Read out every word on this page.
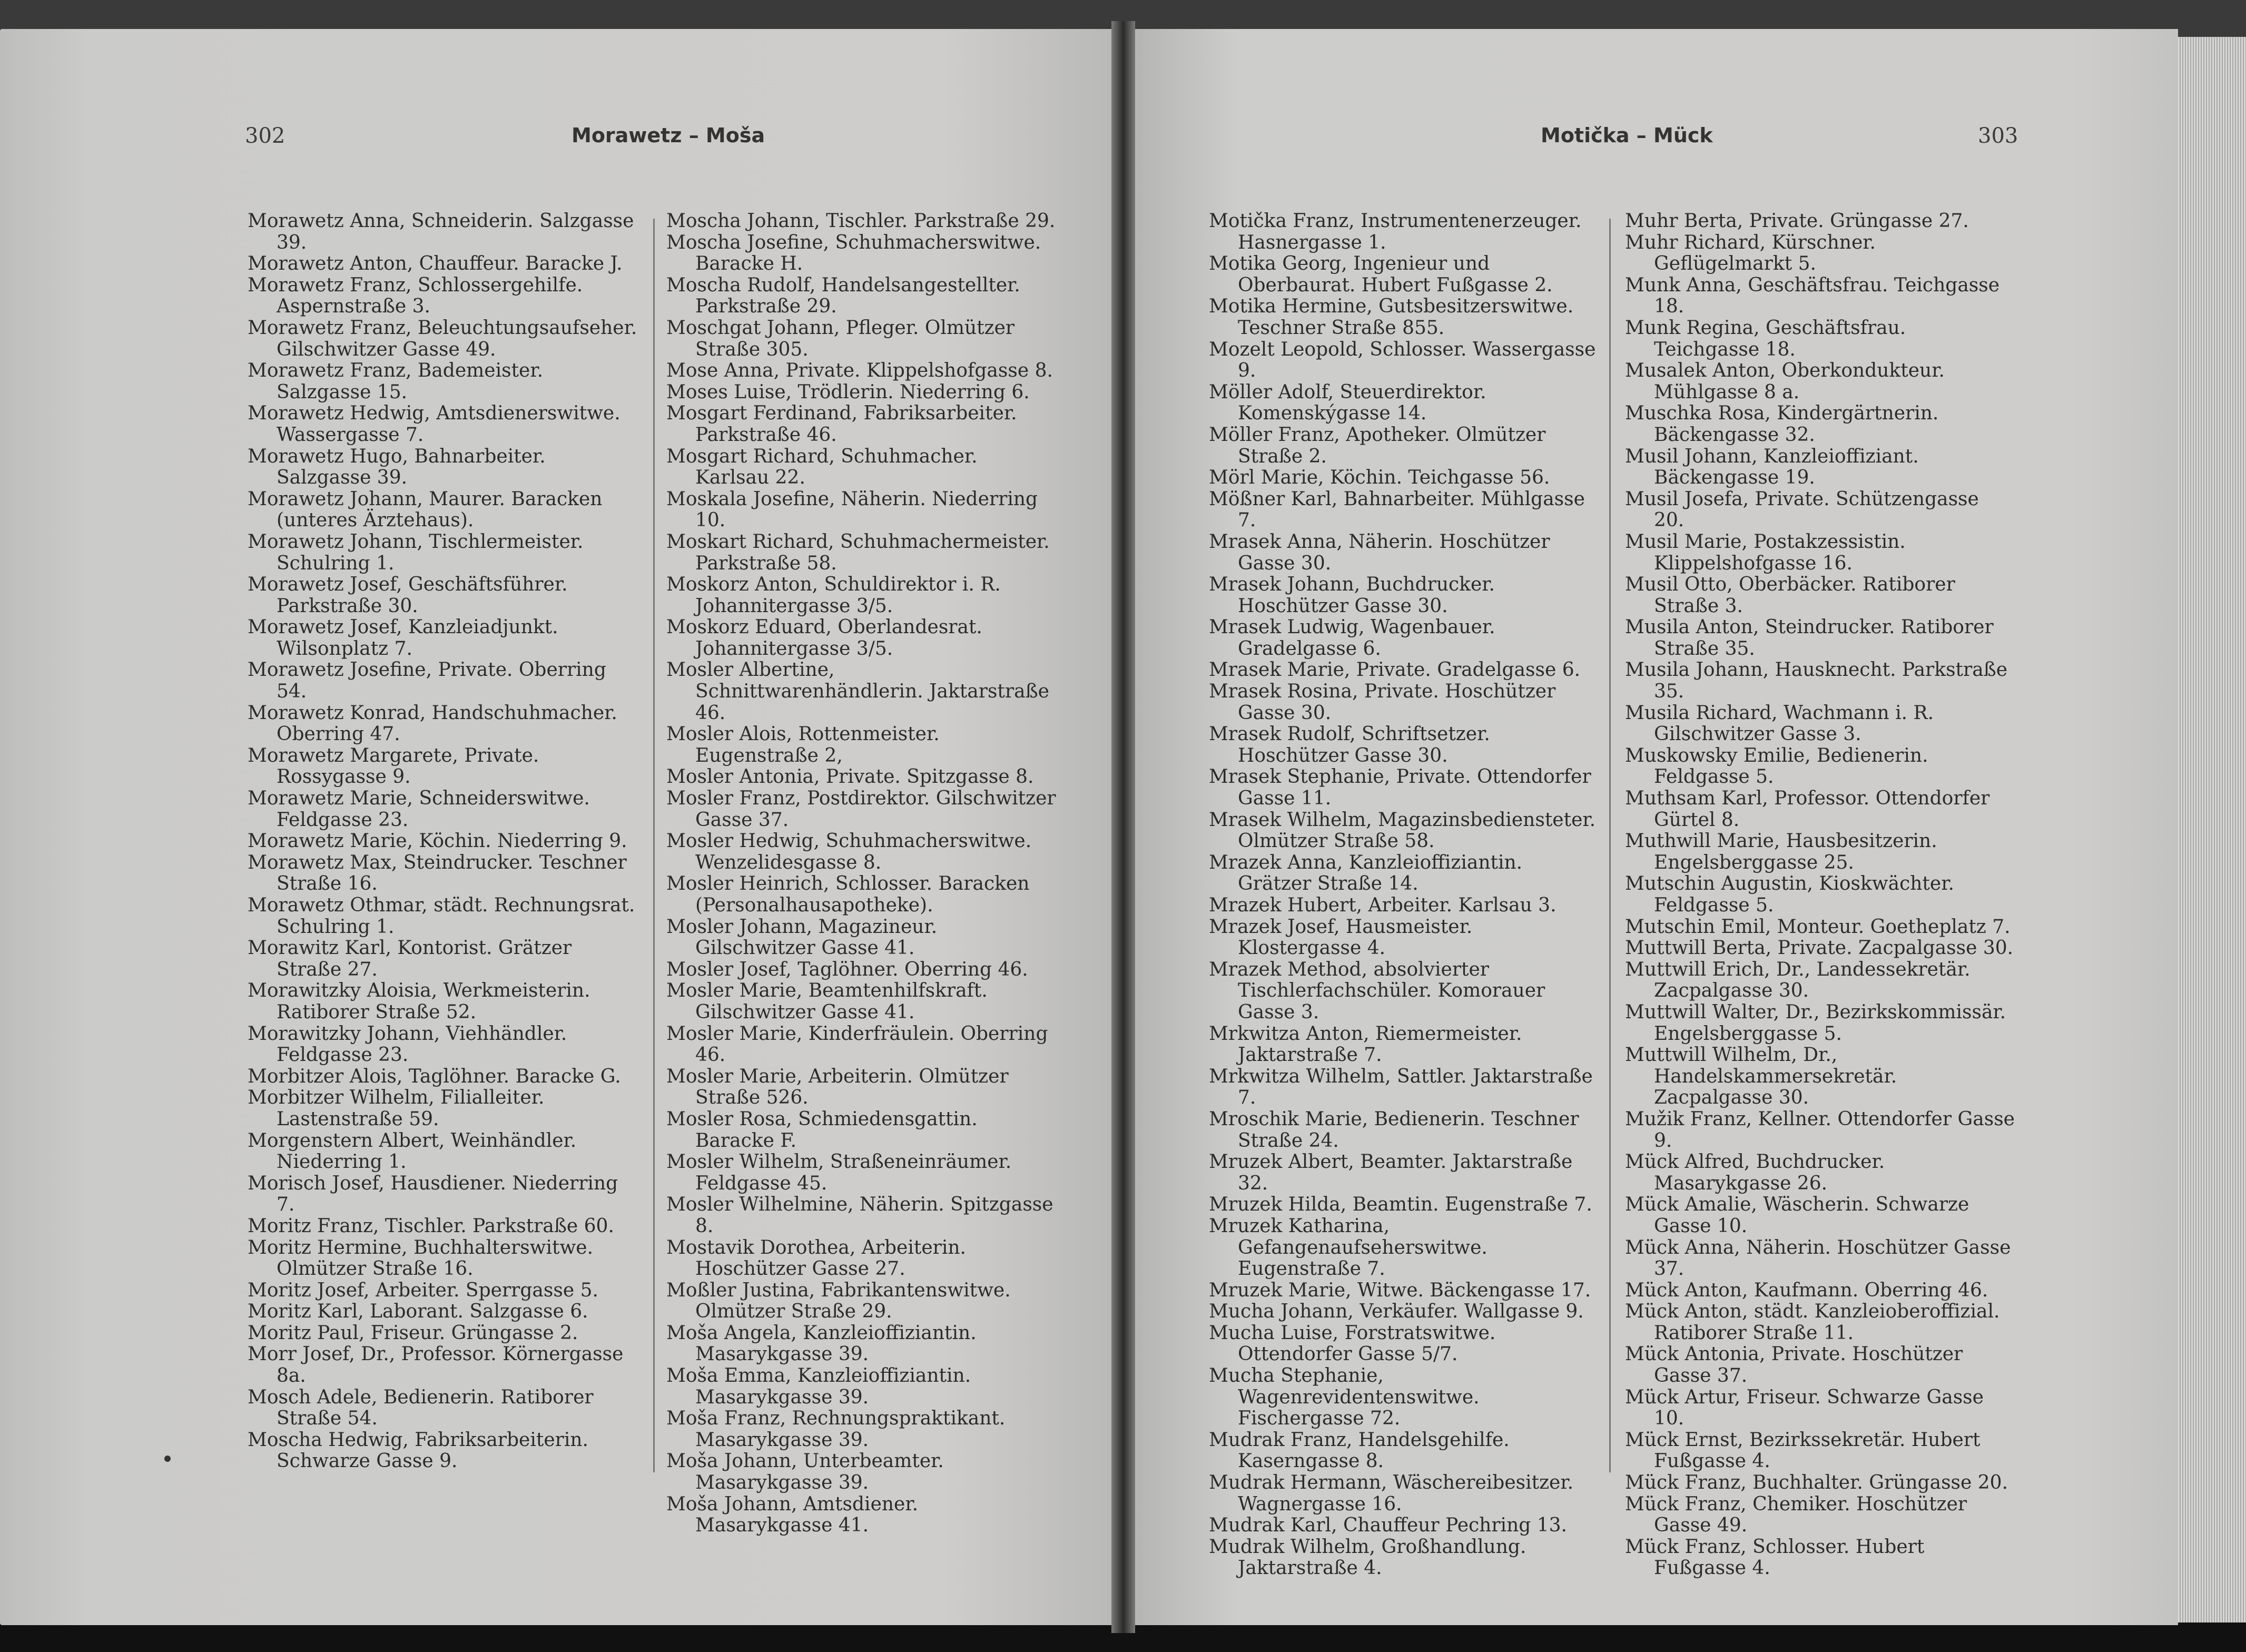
302	Morawetz – Moša

Morawetz Anna, Schneiderin. Salzgasse 39.

Morawetz Anton, Chauffeur. Baracke J.

Morawetz Franz, Schlossergehilfe. Aspernstraße 3.

Morawetz Franz, Beleuchtungsaufseher. Gilschwitzer Gasse 49.

Morawetz Franz, Bademeister. Salzgasse 15.

Morawetz Hedwig, Amtsdienerswitwe. Wassergasse 7.

Morawetz Hugo, Bahnarbeiter. Salzgasse 39.

Morawetz Johann, Maurer. Baracken (unteres Ärztehaus).

Morawetz Johann, Tischlermeister. Schulring 1.

Morawetz Josef, Geschäftsführer. Parkstraße 30.

Morawetz Josef, Kanzleiadjunkt. Wilsonplatz 7.

Morawetz Josefine, Private. Oberring 54.

Morawetz Konrad, Handschuhmacher. Oberring 47.

Morawetz Margarete, Private. Rossygasse 9.

Morawetz Marie, Schneiderswitwe. Feldgasse 23.

Morawetz Marie, Köchin. Niederring 9.

Morawetz Max, Steindrucker. Teschner Straße 16.

Morawetz Othmar, städt. Rechnungsrat. Schulring 1.

Morawitz Karl, Kontorist. Grätzer Straße 27.

Morawitzky Aloisia, Werkmeisterin. Ratiborer Straße 52.

Morawitzky Johann, Viehhändler. Feldgasse 23.

Morbitzer Alois, Taglöhner. Baracke G.

Morbitzer Wilhelm, Filialleiter. Lastenstraße 59.

Morgenstern Albert, Weinhändler. Niederring 1.

Morisch Josef, Hausdiener. Niederring 7.

Moritz Franz, Tischler. Parkstraße 60.

Moritz Hermine, Buchhalterswitwe. Olmützer Straße 16.

Moritz Josef, Arbeiter. Sperrgasse 5.

Moritz Karl, Laborant. Salzgasse 6.

Moritz Paul, Friseur. Grüngasse 2.

Morr Josef, Dr., Professor. Körnergasse 8a.

Mosch Adele, Bedienerin. Ratiborer Straße 54.

Moscha Hedwig, Fabriksarbeiterin. Schwarze Gasse 9.

Moscha Johann, Tischler. Parkstraße 29.

Moscha Josefine, Schuhmacherswitwe. Baracke H.

Moscha Rudolf, Handelsangestellter. Parkstraße 29.

Moschgat Johann, Pfleger. Olmützer Straße 305.

Mose Anna, Private. Klippelshofgasse 8.

Moses Luise, Trödlerin. Niederring 6.

Mosgart Ferdinand, Fabriksarbeiter. Parkstraße 46.

Mosgart Richard, Schuhmacher. Karlsau 22.

Moskala Josefine, Näherin. Niederring 10.

Moskart Richard, Schuhmachermeister. Parkstraße 58.

Moskorz Anton, Schuldirektor i. R. Johannitergasse 3/5.

Moskorz Eduard, Oberlandesrat. Johannitergasse 3/5.

Mosler Albertine, Schnittwarenhändlerin. Jaktarstraße 46.

Mosler Alois, Rottenmeister. Eugenstraße 2,

Mosler Antonia, Private. Spitzgasse 8.

Mosler Franz, Postdirektor. Gilschwitzer Gasse 37.

Mosler Hedwig, Schuhmacherswitwe. Wenzelidesgasse 8.

Mosler Heinrich, Schlosser. Baracken (Personalhausapotheke).

Mosler Johann, Magazineur. Gilschwitzer Gasse 41.

Mosler Josef, Taglöhner. Oberring 46.

Mosler Marie, Beamtenhilfskraft. Gilschwitzer Gasse 41.

Mosler Marie, Kinderfräulein. Oberring 46.

Mosler Marie, Arbeiterin. Olmützer Straße 526.

Mosler Rosa, Schmiedensgattin. Baracke F.

Mosler Wilhelm, Straßeneinräumer. Feldgasse 45.

Mosler Wilhelmine, Näherin. Spitzgasse 8.

Mostavik Dorothea, Arbeiterin. Hoschützer Gasse 27.

Moßler Justina, Fabrikantenswitwe. Olmützer Straße 29.

Moša Angela, Kanzleioffiziantin. Masarykgasse 39.

Moša Emma, Kanzleioffiziantin. Masarykgasse 39.

Moša Franz, Rechnungspraktikant. Masarykgasse 39.

Moša Johann, Unterbeamter. Masarykgasse 39.

Moša Johann, Amtsdiener. Masarykgasse 41.

Motička – Mück	303

Motička Franz, Instrumentenerzeuger. Hasnergasse 1.

Motika Georg, Ingenieur und Oberbaurat. Hubert Fußgasse 2.

Motika Hermine, Gutsbesitzerswitwe. Teschner Straße 855.

Mozelt Leopold, Schlosser. Wassergasse 9.

Möller Adolf, Steuerdirektor. Komenskýgasse 14.

Möller Franz, Apotheker. Olmützer Straße 2.

Mörl Marie, Köchin. Teichgasse 56.

Mößner Karl, Bahnarbeiter. Mühlgasse 7.

Mrasek Anna, Näherin. Hoschützer Gasse 30.

Mrasek Johann, Buchdrucker. Hoschützer Gasse 30.

Mrasek Ludwig, Wagenbauer. Gradelgasse 6.

Mrasek Marie, Private. Gradelgasse 6.

Mrasek Rosina, Private. Hoschützer Gasse 30.

Mrasek Rudolf, Schriftsetzer. Hoschützer Gasse 30.

Mrasek Stephanie, Private. Ottendorfer Gasse 11.

Mrasek Wilhelm, Magazinsbediensteter. Olmützer Straße 58.

Mrazek Anna, Kanzleioffiziantin. Grätzer Straße 14.

Mrazek Hubert, Arbeiter. Karlsau 3.

Mrazek Josef, Hausmeister. Klostergasse 4.

Mrazek Method, absolvierter Tischlerfachschüler. Komorauer Gasse 3.

Mrkwitza Anton, Riemermeister. Jaktarstraße 7.

Mrkwitza Wilhelm, Sattler. Jaktarstraße 7.

Mroschik Marie, Bedienerin. Teschner Straße 24.

Mruzek Albert, Beamter. Jaktarstraße 32.

Mruzek Hilda, Beamtin. Eugenstraße 7.

Mruzek Katharina, Gefangenaufseherswitwe. Eugenstraße 7.

Mruzek Marie, Witwe. Bäckengasse 17.

Mucha Johann, Verkäufer. Wallgasse 9.

Mucha Luise, Forstratswitwe. Ottendorfer Gasse 5/7.

Mucha Stephanie, Wagenrevidentenswitwe. Fischergasse 72.

Mudrak Franz, Handelsgehilfe. Kaserngasse 8.

Mudrak Hermann, Wäschereibesitzer. Wagnergasse 16.

Mudrak Karl, Chauffeur Pechring 13.

Mudrak Wilhelm, Großhandlung. Jaktarstraße 4.

Muhr Berta, Private. Grüngasse 27.

Muhr Richard, Kürschner. Geflügelmarkt 5.

Munk Anna, Geschäftsfrau. Teichgasse 18.

Munk Regina, Geschäftsfrau. Teichgasse 18.

Musalek Anton, Oberkondukteur. Mühlgasse 8 a.

Muschka Rosa, Kindergärtnerin. Bäckengasse 32.

Musil Johann, Kanzleioffiziant. Bäckengasse 19.

Musil Josefa, Private. Schützengasse 20.

Musil Marie, Postakzessistin. Klippelshofgasse 16.

Musil Otto, Oberbäcker. Ratiborer Straße 3.

Musila Anton, Steindrucker. Ratiborer Straße 35.

Musila Johann, Hausknecht. Parkstraße 35.

Musila Richard, Wachmann i. R. Gilschwitzer Gasse 3.

Muskowsky Emilie, Bedienerin. Feldgasse 5.

Muthsam Karl, Professor. Ottendorfer Gürtel 8.

Muthwill Marie, Hausbesitzerin. Engelsberggasse 25.

Mutschin Augustin, Kioskwächter. Feldgasse 5.

Mutschin Emil, Monteur. Goetheplatz 7.

Muttwill Berta, Private. Zacpalgasse 30.

Muttwill Erich, Dr., Landessekretär. Zacpalgasse 30.

Muttwill Walter, Dr., Bezirkskommissär. Engelsberggasse 5.

Muttwill Wilhelm, Dr., Handelskammersekretär. Zacpalgasse 30.

Mužik Franz, Kellner. Ottendorfer Gasse 9.

Mück Alfred, Buchdrucker. Masarykgasse 26.

Mück Amalie, Wäscherin. Schwarze Gasse 10.

Mück Anna, Näherin. Hoschützer Gasse 37.

Mück Anton, Kaufmann. Oberring 46.

Mück Anton, städt. Kanzleioberoffizial. Ratiborer Straße 11.

Mück Antonia, Private. Hoschützer Gasse 37.

Mück Artur, Friseur. Schwarze Gasse 10.

Mück Ernst, Bezirkssekretär. Hubert Fußgasse 4.

Mück Franz, Buchhalter. Grüngasse 20.

Mück Franz, Chemiker. Hoschützer Gasse 49.

Mück Franz, Schlosser. Hubert Fußgasse 4.
